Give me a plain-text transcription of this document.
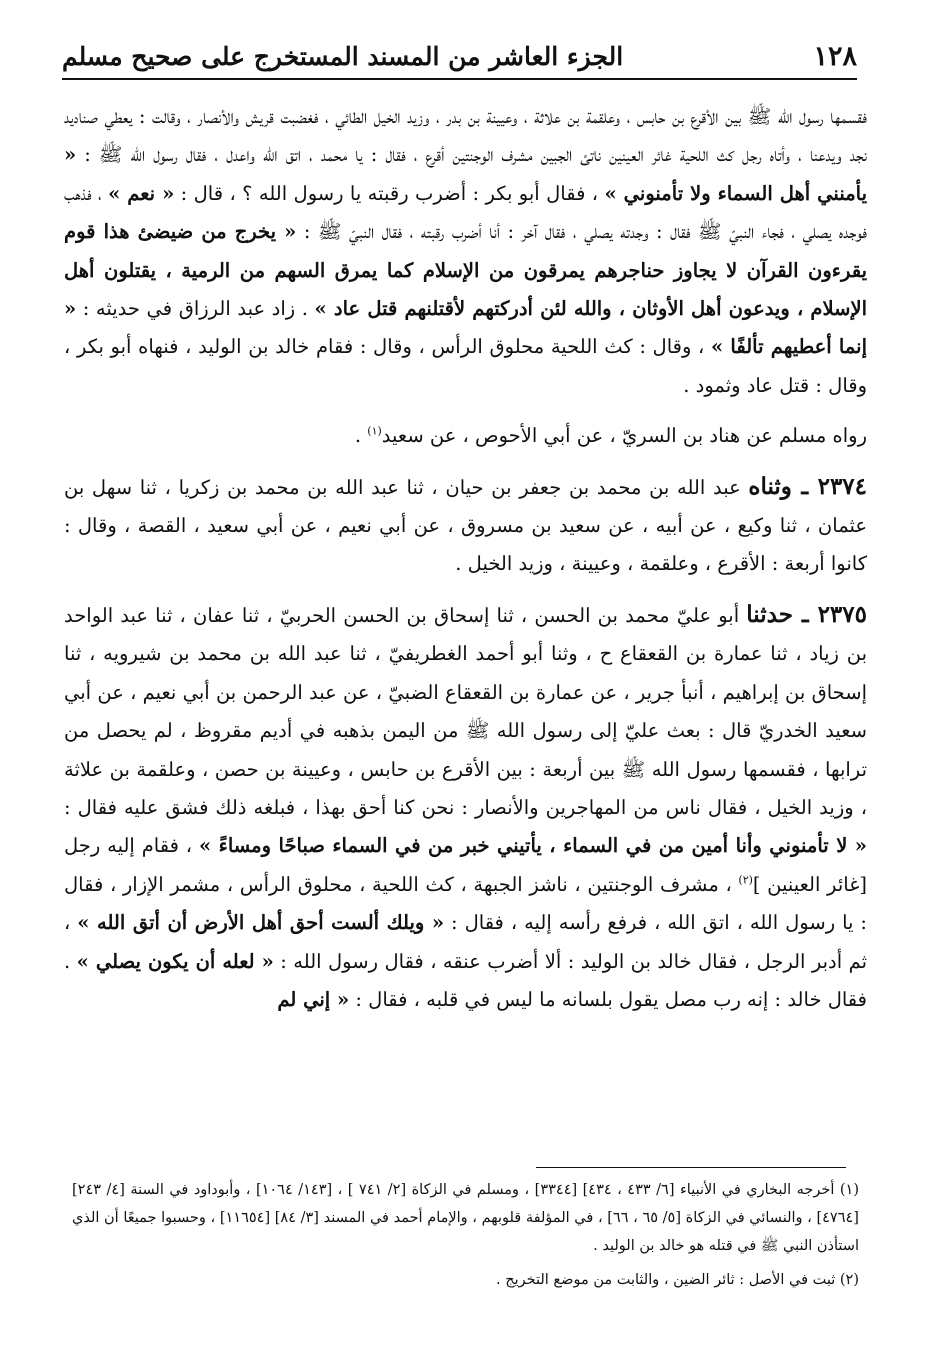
١٢٨
الجزء العاشر من المسند المستخرج على صحيح مسلم

فقسمها رسول الله ﷺ بين الأقرع بن حابس ، وعلقمة بن علاثة ، وعيينة بن بدر ، وزيد الخيل الطائي ، فغضبت قريش والأنصار ، وقالت : يعطي صناديد نجد ويدعنا ، وأتاه رجل كث اللحية غائر العينين ناتئ الجبين مشرف الوجنتين أقرع ، فقال : يا محمد ، اتق الله واعدل ، فقال رسول الله ﷺ : « يأمنني أهل السماء ولا تأمنوني » ، فقال أبو بكر : أضرب رقبته يا رسول الله ؟ ، قال : « نعم » ، فذهب فوجده يصلي ، فجاء النبيّ ﷺ فقال : وجدته يصلي ، فقال آخر : أنا أضرب رقبته ، فقال النبيّ ﷺ : « يخرج من ضيضئ هذا قوم يقرءون القرآن لا يجاوز حناجرهم يمرقون من الإسلام كما يمرق السهم من الرمية ، يقتلون أهل الإسلام ، ويدعون أهل الأوثان ، والله لئن أدركتهم لأقتلنهم قتل عاد » . زاد عبد الرزاق في حديثه : « إنما أعطيهم تألفًا » ، وقال : كث اللحية محلوق الرأس ، وقال : فقام خالد بن الوليد ، فنهاه أبو بكر ، وقال : قتل عاد وثمود .

رواه مسلم عن هناد بن السريّ ، عن أبي الأحوص ، عن سعيد$^{(١)}$ .

٢٣٧٤ ـ وثناه عبد الله بن محمد بن جعفر بن حيان ، ثنا عبد الله بن محمد بن زكريا ، ثنا سهل بن عثمان ، ثنا وكيع ، عن أبيه ، عن سعيد بن مسروق ، عن أبي نعيم ، عن أبي سعيد ، القصة ، وقال : كانوا أربعة : الأقرع ، وعلقمة ، وعيينة ، وزيد الخيل .

٢٣٧٥ ـ حدثنا أبو عليّ محمد بن الحسن ، ثنا إسحاق بن الحسن الحربيّ ، ثنا عفان ، ثنا عبد الواحد بن زياد ، ثنا عمارة بن القعقاع ح ، وثنا أبو أحمد الغطريفيّ ، ثنا عبد الله بن محمد بن شيرويه ، ثنا إسحاق بن إبراهيم ، أنبأ جرير ، عن عمارة بن القعقاع الضبيّ ، عن عبد الرحمن بن أبي نعيم ، عن أبي سعيد الخدريّ قال : بعث عليّ إلى رسول الله ﷺ من اليمن بذهبه في أديم مقروظ ، لم يحصل من ترابها ، فقسمها رسول الله ﷺ بين أربعة : بين الأقرع بن حابس ، وعيينة بن حصن ، وعلقمة بن علاثة ، وزيد الخيل ، فقال ناس من المهاجرين والأنصار : نحن كنا أحق بهذا ، فبلغه ذلك فشق عليه فقال : « لا تأمنوني وأنا أمين من في السماء ، يأتيني خبر من في السماء صباحًا ومساءً » ، فقام إليه رجل [غائر العينين ]$^{(٢)}$ ، مشرف الوجنتين ، ناشز الجبهة ، كث اللحية ، محلوق الرأس ، مشمر الإزار ، فقال : يا رسول الله ، اتق الله ، فرفع رأسه إليه ، فقال : « ويلك ألست أحق أهل الأرض أن أتق الله » ، ثم أدبر الرجل ، فقال خالد بن الوليد : ألا أضرب عنقه ، فقال رسول الله : « لعله أن يكون يصلي » . فقال خالد : إنه رب مصل يقول بلسانه ما ليس في قلبه ، فقال : « إني لم

(١) أخرجه البخاري في الأنبياء [٦/ ٤٣٣ ، ٤٣٤] [٣٣٤٤] ، ومسلم في الزكاة [٢/ ٧٤١ ] ، [١٤٣/ ١٠٦٤] ، وأبوداود في السنة [٤/ ٢٤٣] [٤٧٦٤] ، والنسائي في الزكاة [٥/ ٦٥ ، ٦٦] ، في المؤلفة قلوبهم ، والإمام أحمد في المسند [٣/ ٨٤] [١١٦٥٤] ، وحسبوا جميعًا أن الذي استأذن النبي ﷺ في قتله هو خالد بن الوليد .

(٢) ثبت في الأصل : ثائر الضين ، والثابت من موضع التخريج .
